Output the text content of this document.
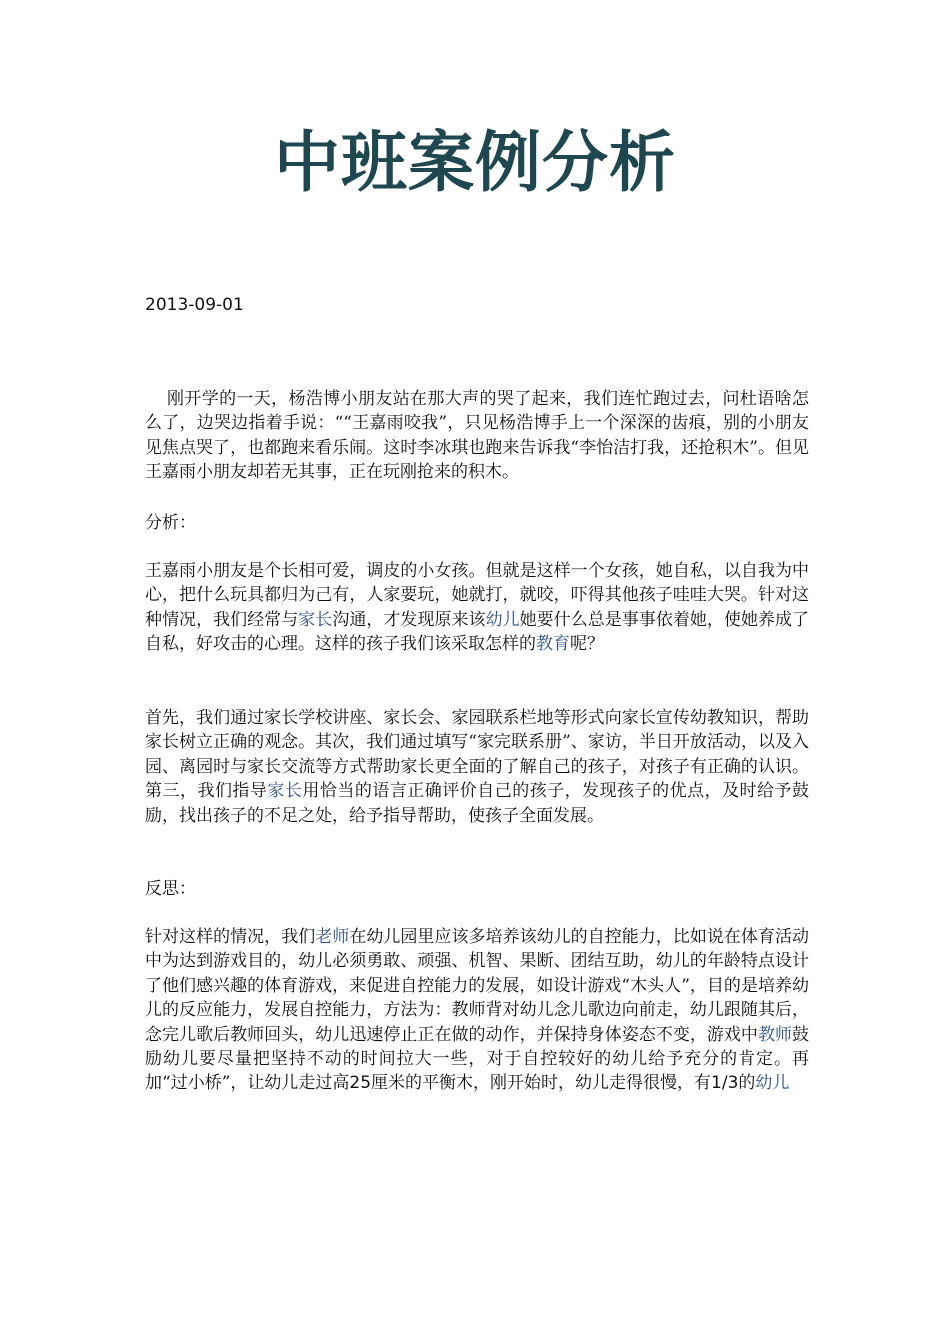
中班案例分析
2013-09-01
刚开学的一天，杨浩博小朋友站在那大声的哭了起来，我们连忙跑过去，问杜语啥怎么了，边哭边指着手说：““王嘉雨咬我”，只见杨浩博手上一个深深的齿痕，别的小朋友见焦点哭了，也都跑来看乐闹。这时李冰琪也跑来告诉我“李怡洁打我，还抢积木”。但见王嘉雨小朋友却若无其事，正在玩刚抢来的积木。
分析：
王嘉雨小朋友是个长相可爱，调皮的小女孩。但就是这样一个女孩，她自私，以自我为中心，把什么玩具都归为己有，人家要玩，她就打，就咬，吓得其他孩子哇哇大哭。针对这种情况，我们经常与家长沟通，才发现原来该幼儿她要什么总是事事依着她，使她养成了自私，好攻击的心理。这样的孩子我们该采取怎样的教育呢？
首先，我们通过家长学校讲座、家长会、家园联系栏地等形式向家长宣传幼教知识，帮助家长树立正确的观念。其次，我们通过填写“家完联系册”、家访，半日开放活动，以及入园、离园时与家长交流等方式帮助家长更全面的了解自己的孩子，对孩子有正确的认识。第三，我们指导家长用恰当的语言正确评价自己的孩子，发现孩子的优点，及时给予鼓励，找出孩子的不足之处，给予指导帮助，使孩子全面发展。
反思：
针对这样的情况，我们老师在幼儿园里应该多培养该幼儿的自控能力，比如说在体育活动中为达到游戏目的，幼儿必须勇敢、顽强、机智、果断、团结互助，幼儿的年龄特点设计了他们感兴趣的体育游戏，来促进自控能力的发展，如设计游戏“木头人”，目的是培养幼儿的反应能力，发展自控能力，方法为：教师背对幼儿念儿歌边向前走，幼儿跟随其后，念完儿歌后教师回头，幼儿迅速停止正在做的动作，并保持身体姿态不变，游戏中教师鼓励幼儿要尽量把坚持不动的时间拉大一些，对于自控较好的幼儿给予充分的肯定。再加“过小桥”，让幼儿走过高25厘米的平衡木，刚开始时，幼儿走得很慢，有1/3的幼儿
